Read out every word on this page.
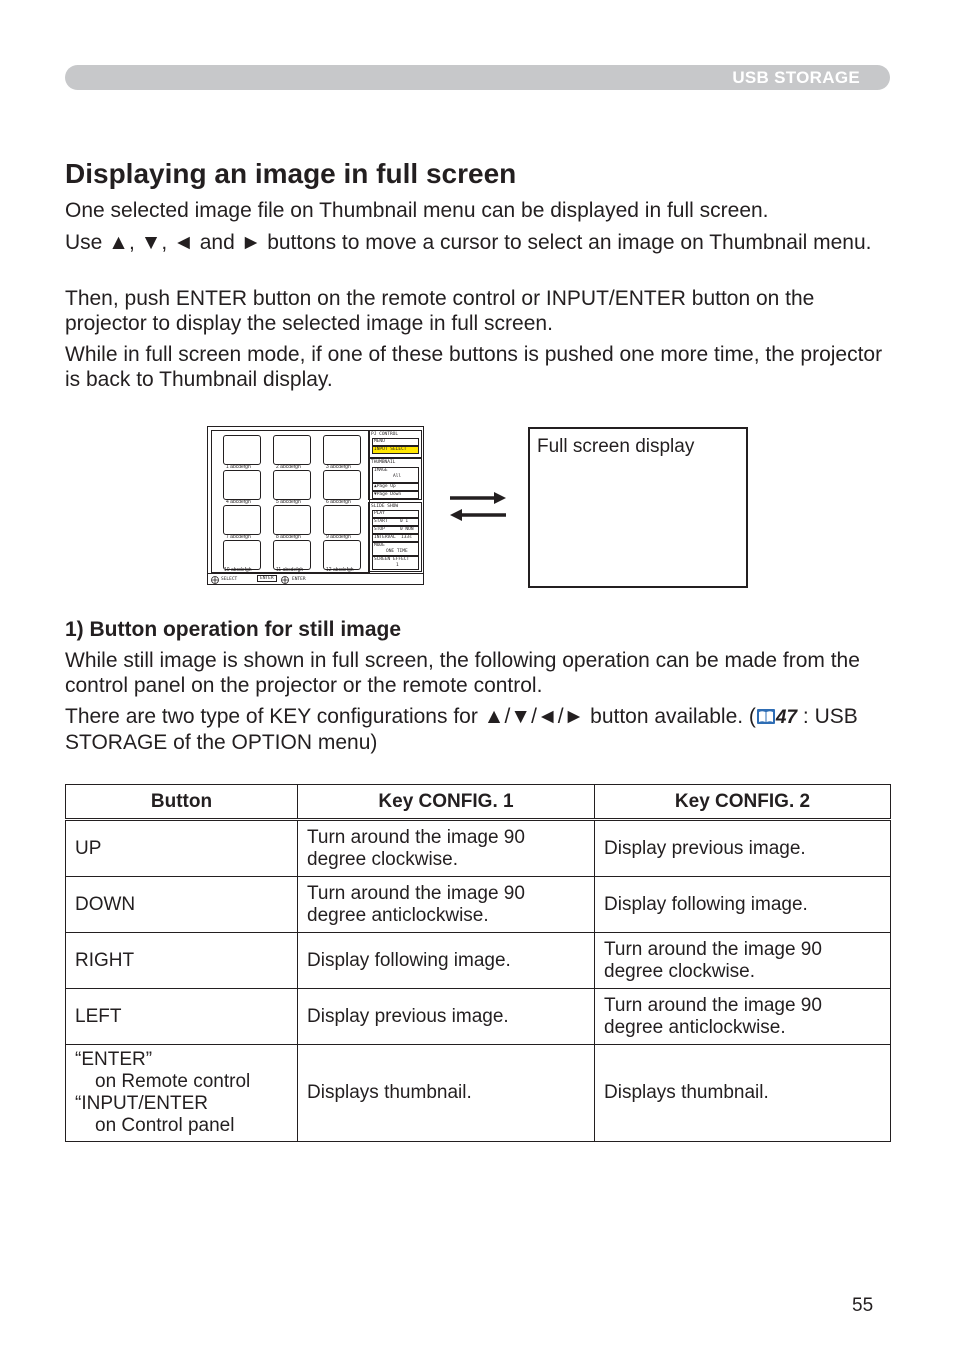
USB STORAGE
Displaying an image in full screen

One selected image file on Thumbnail menu can be displayed in full screen.

Use ▲, ▼, ◄ and ► buttons to move a cursor to select an image on Thumbnail menu.

Then, push ENTER button on the remote control or INPUT/ENTER button on the projector to display the selected image in full screen.

While in full screen mode, if one of these buttons is pushed one more time, the projector is back to Thumbnail display.

1 abcdefgh	2 abcdefgh	3 abcdefgh
4 abcdefgh	5 abcdefgh	6 abcdefgh
7 abcdefgh	8 abcdefgh	9 abcdefgh
10 abcdefgh	11 abcdefgh	12 abcdefgh
PJ CONTROL
MENU
INPUT SELECT
THUMBNAIL
IMAGE
All
▲Page Up
▼Page Down
SLIDE SHOW
PLAY
START	0 1
STOP	0 NON
INTERVAL 133s
MODE
ONE TIME
SCREEN EFFECT
1
SELECT	ENTER	ENTER
Full screen display
1) Button operation for still image

While still image is shown in full screen, the following operation can be made from the control panel on the projector or the remote control.

There are two type of KEY configurations for ▲/▼/◄/► button available. ( 47 : USB STORAGE of the OPTION menu)

Button	Key CONFIG. 1	Key CONFIG. 2
UP	Turn around the image 90 degree clockwise.	Display previous image.
DOWN	Turn around the image 90 degree anticlockwise.	Display following image.
RIGHT	Display following image.	Turn around the image 90 degree clockwise.
LEFT	Display previous image.	Turn around the image 90 degree anticlockwise.

“ENTER”
on Remote control
“INPUT/ENTER
on Control panel	Displays thumbnail.	Displays thumbnail.
55
